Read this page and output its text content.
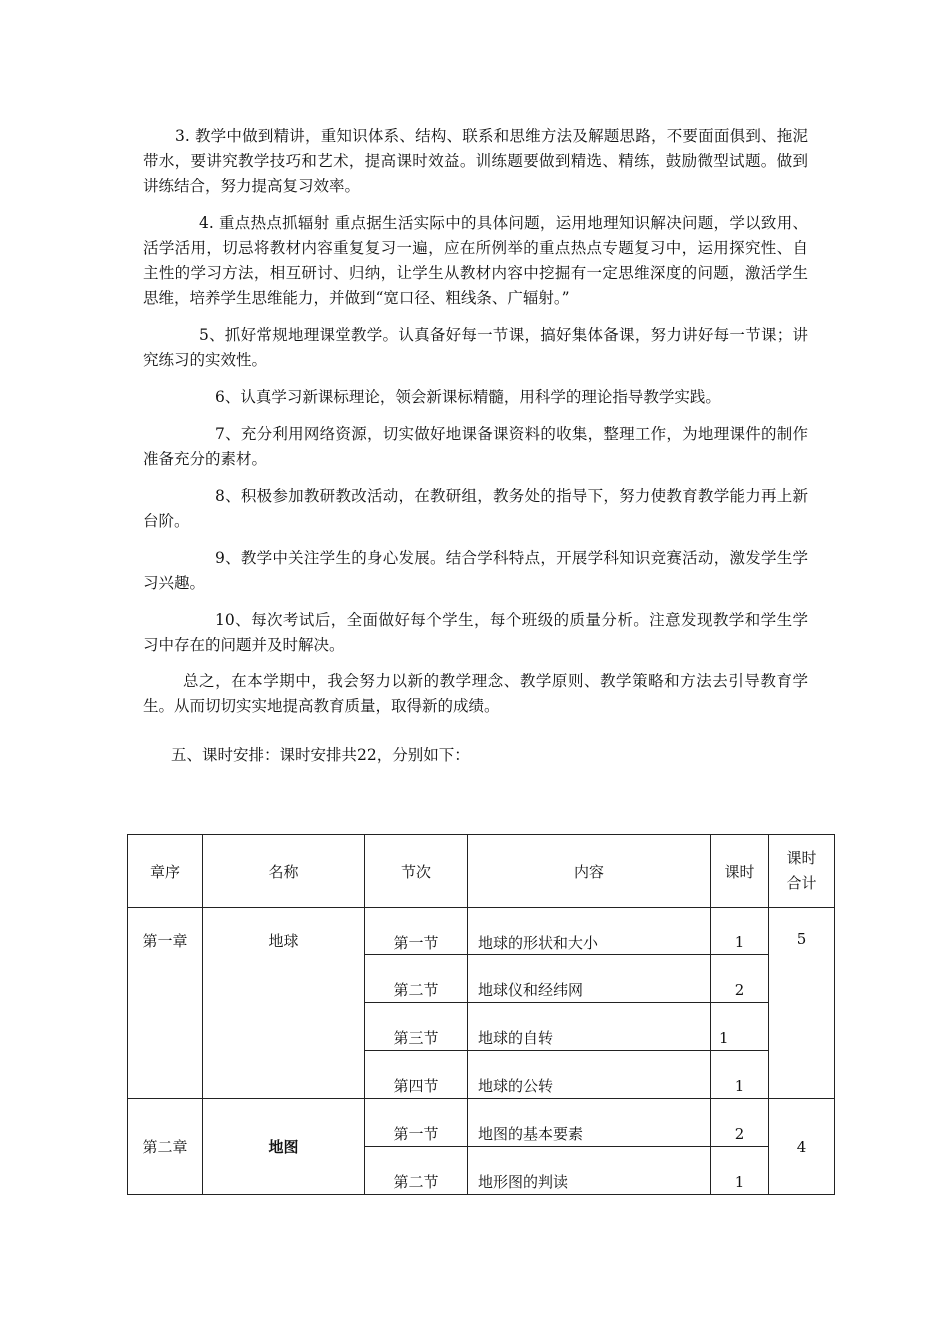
3. 教学中做到精讲，重知识体系、结构、联系和思维方法及解题思路，不要面面俱到、拖泥带水，要讲究教学技巧和艺术，提高课时效益。训练题要做到精选、精练，鼓励微型试题。做到讲练结合，努力提高复习效率。

4. 重点热点抓辐射 重点据生活实际中的具体问题，运用地理知识解决问题，学以致用、活学活用，切忌将教材内容重复复习一遍，应在所例举的重点热点专题复习中，运用探究性、自主性的学习方法，相互研讨、归纳，让学生从教材内容中挖掘有一定思维深度的问题，激活学生思维，培养学生思维能力，并做到“宽口径、粗线条、广辐射。”

5、抓好常规地理课堂教学。认真备好每一节课，搞好集体备课，努力讲好每一节课；讲究练习的实效性。

6、认真学习新课标理论，领会新课标精髓，用科学的理论指导教学实践。

7、充分利用网络资源，切实做好地课备课资料的收集，整理工作，为地理课件的制作准备充分的素材。

8、积极参加教研教改活动，在教研组，教务处的指导下，努力使教育教学能力再上新台阶。

9、教学中关注学生的身心发展。结合学科特点，开展学科知识竞赛活动，激发学生学习兴趣。

10、每次考试后，全面做好每个学生，每个班级的质量分析。注意发现教学和学生学习中存在的问题并及时解决。

总之，在本学期中，我会努力以新的教学理念、教学原则、教学策略和方法去引导教育学生。从而切切实实地提高教育质量，取得新的成绩。

五、课时安排：课时安排共22，分别如下：

章序	名称	节次	内容	课时	课时合计
第一章	地球	第一节	地球的形状和大小	1	5
		第二节	地球仪和经纬网	2	
		第三节	地球的自转	1	
		第四节	地球的公转	1	
第二章	地图	第一节	地图的基本要素	2	4
		第二节	地形图的判读	1	
